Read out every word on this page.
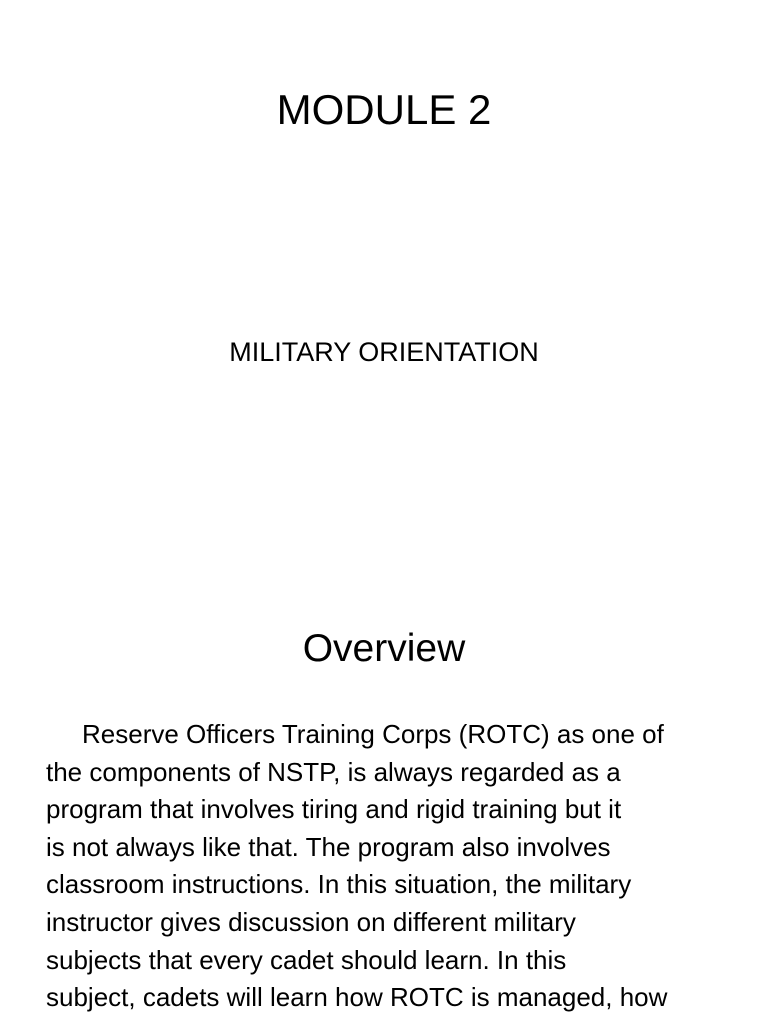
MODULE 2

MILITARY ORIENTATION

Overview
Reserve Officers Training Corps (ROTC) as one of
the components of NSTP, is always regarded as a
program that involves tiring and rigid training but it
is not always like that. The program also involves
classroom instructions. In this situation, the military
instructor gives discussion on different military
subjects that every cadet should learn. In this
subject, cadets will learn how ROTC is managed, how
